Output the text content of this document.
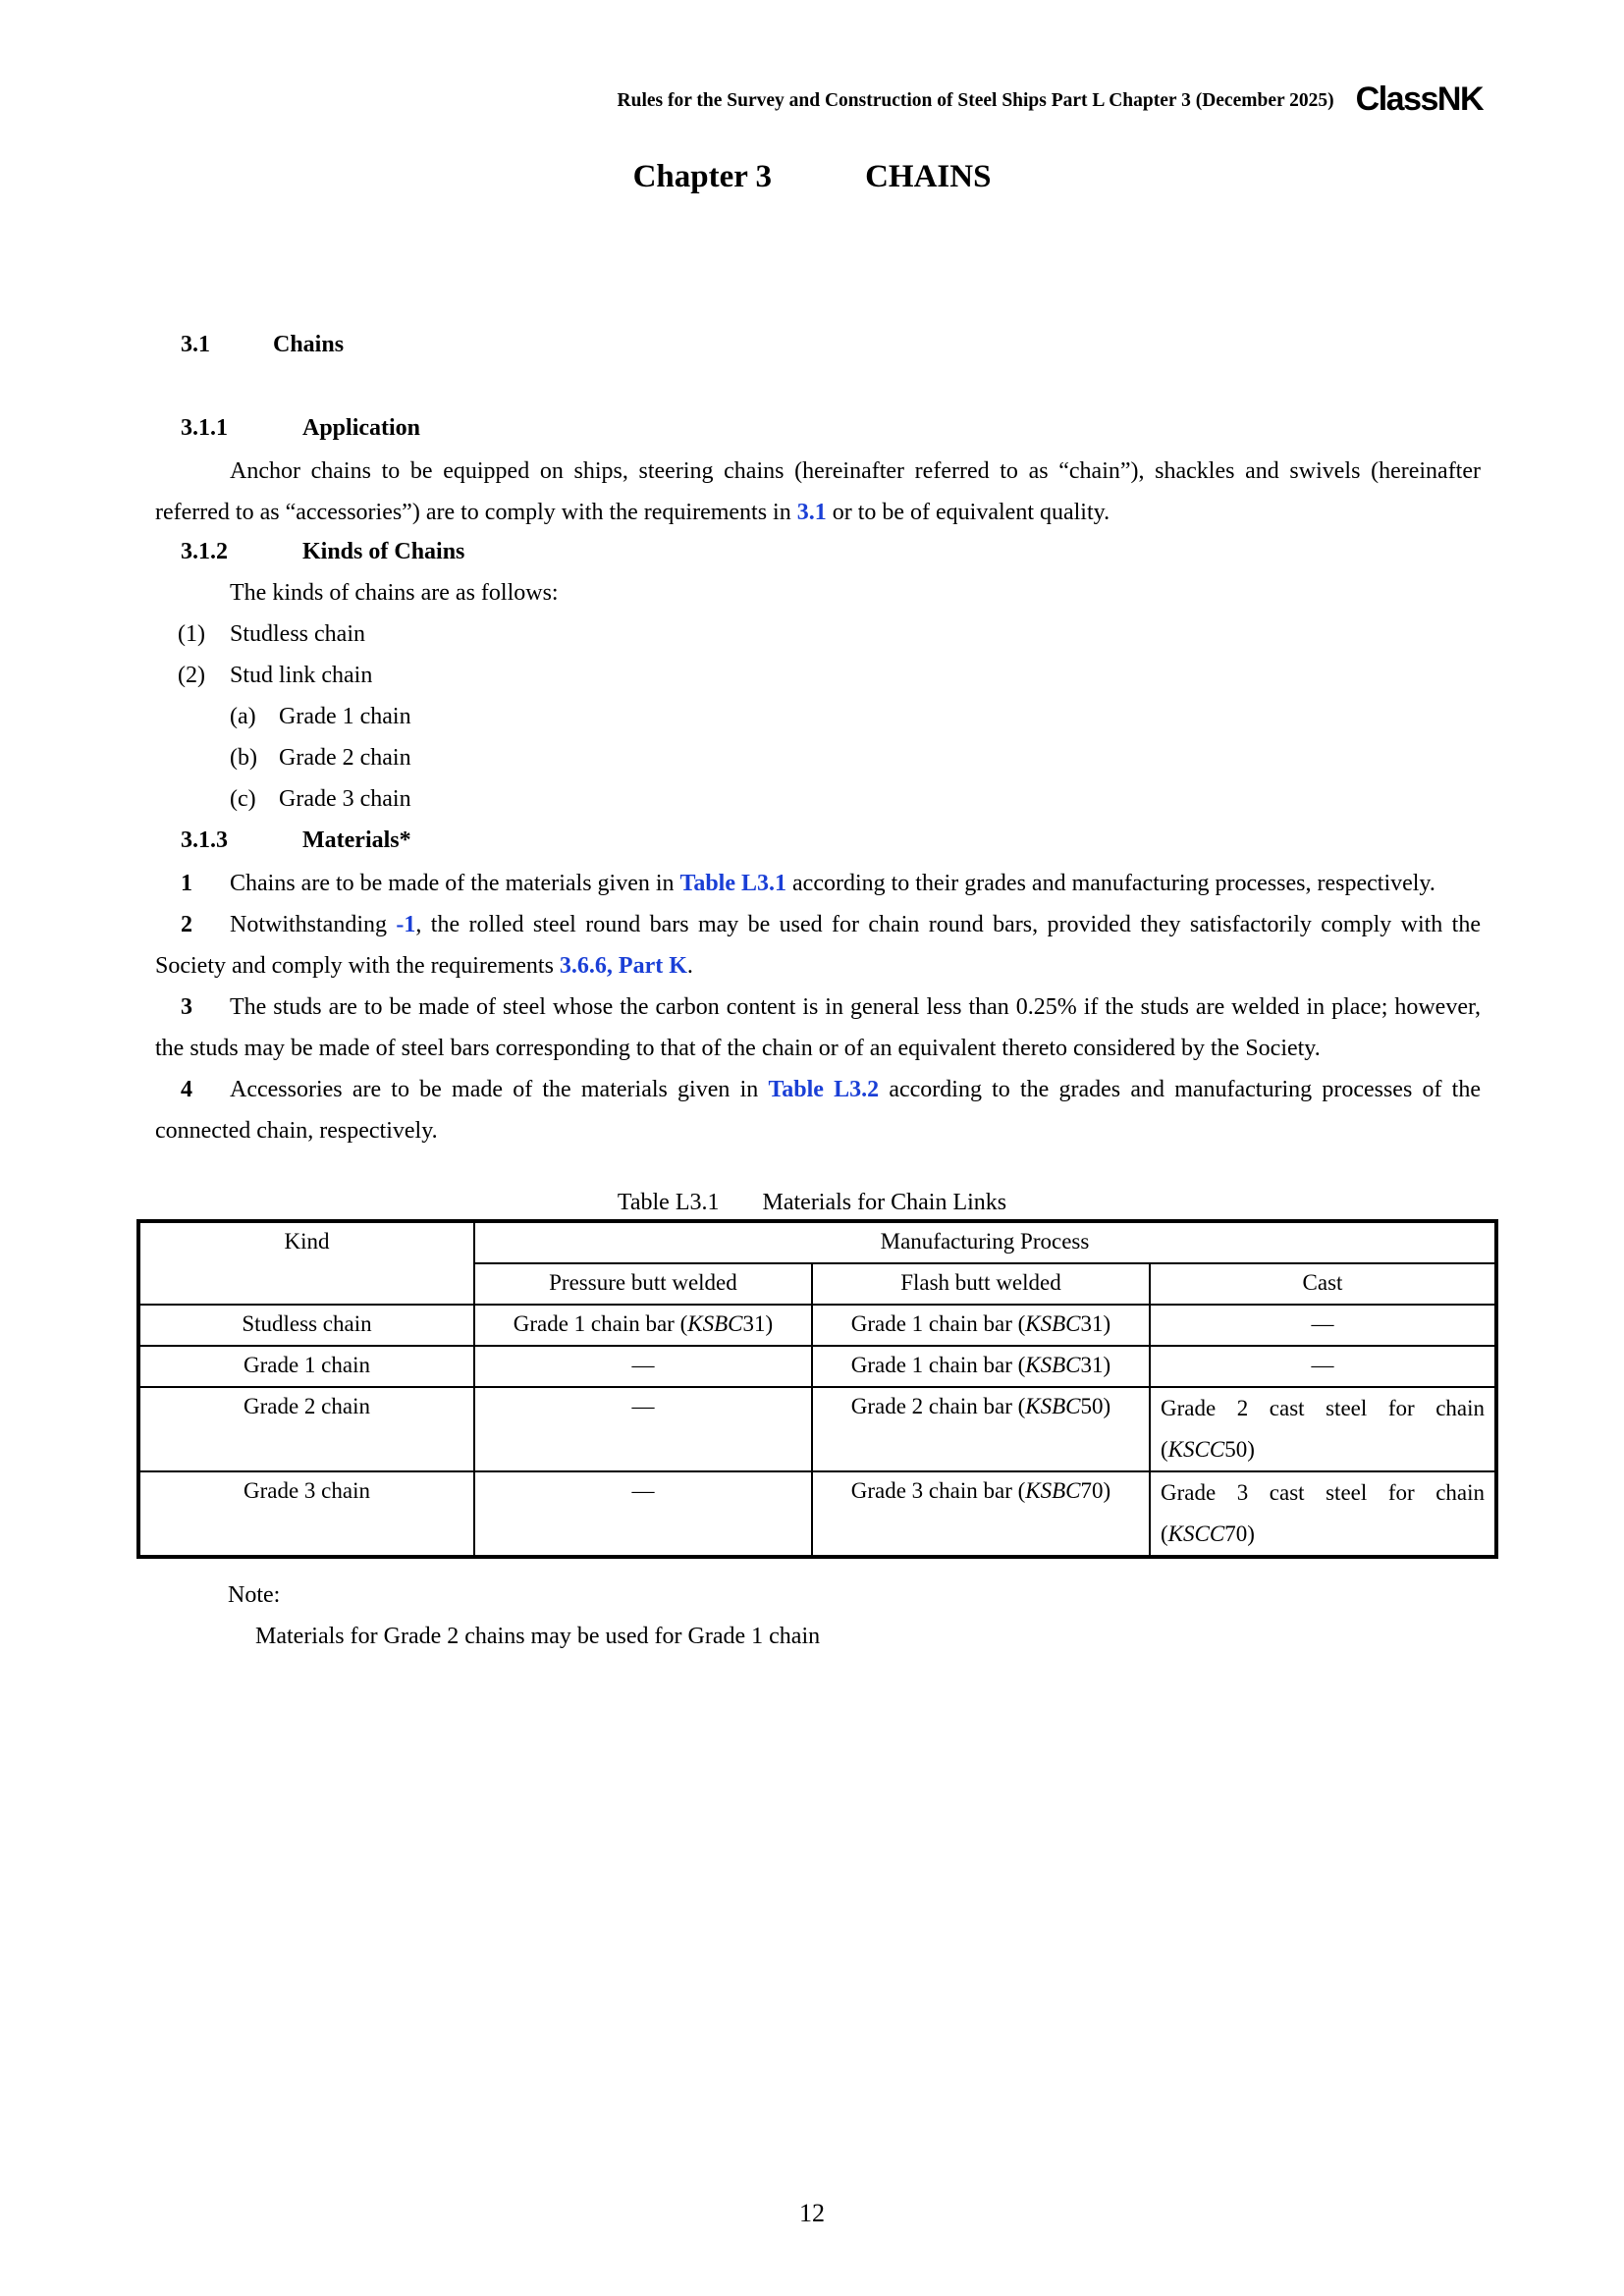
Rules for the Survey and Construction of Steel Ships Part L Chapter 3 (December 2025) ClassNK
Chapter 3	CHAINS
3.1	Chains
3.1.1	Application
Anchor chains to be equipped on ships, steering chains (hereinafter referred to as “chain”), shackles and swivels (hereinafter referred to as “accessories”) are to comply with the requirements in 3.1 or to be of equivalent quality.
3.1.2	Kinds of Chains
The kinds of chains are as follows:
(1) Studless chain
(2) Stud link chain
(a) Grade 1 chain
(b) Grade 2 chain
(c) Grade 3 chain
3.1.3	Materials*
1 Chains are to be made of the materials given in Table L3.1 according to their grades and manufacturing processes, respectively.
2 Notwithstanding -1, the rolled steel round bars may be used for chain round bars, provided they satisfactorily comply with the Society and comply with the requirements 3.6.6, Part K.
3 The studs are to be made of steel whose the carbon content is in general less than 0.25% if the studs are welded in place; however, the studs may be made of steel bars corresponding to that of the chain or of an equivalent thereto considered by the Society.
4 Accessories are to be made of the materials given in Table L3.2 according to the grades and manufacturing processes of the connected chain, respectively.
Table L3.1 Materials for Chain Links
Kind	Manufacturing Process		
	Pressure butt welded	Flash butt welded	Cast
Studless chain	Grade 1 chain bar (KSBC31)	Grade 1 chain bar (KSBC31)	—
Grade 1 chain	—	Grade 1 chain bar (KSBC31)	—
Grade 2 chain	—	Grade 2 chain bar (KSBC50)	Grade 2 cast steel for chain (KSCC50)
Grade 3 chain	—	Grade 3 chain bar (KSBC70)	Grade 3 cast steel for chain (KSCC70)
Note:
Materials for Grade 2 chains may be used for Grade 1 chain
12
